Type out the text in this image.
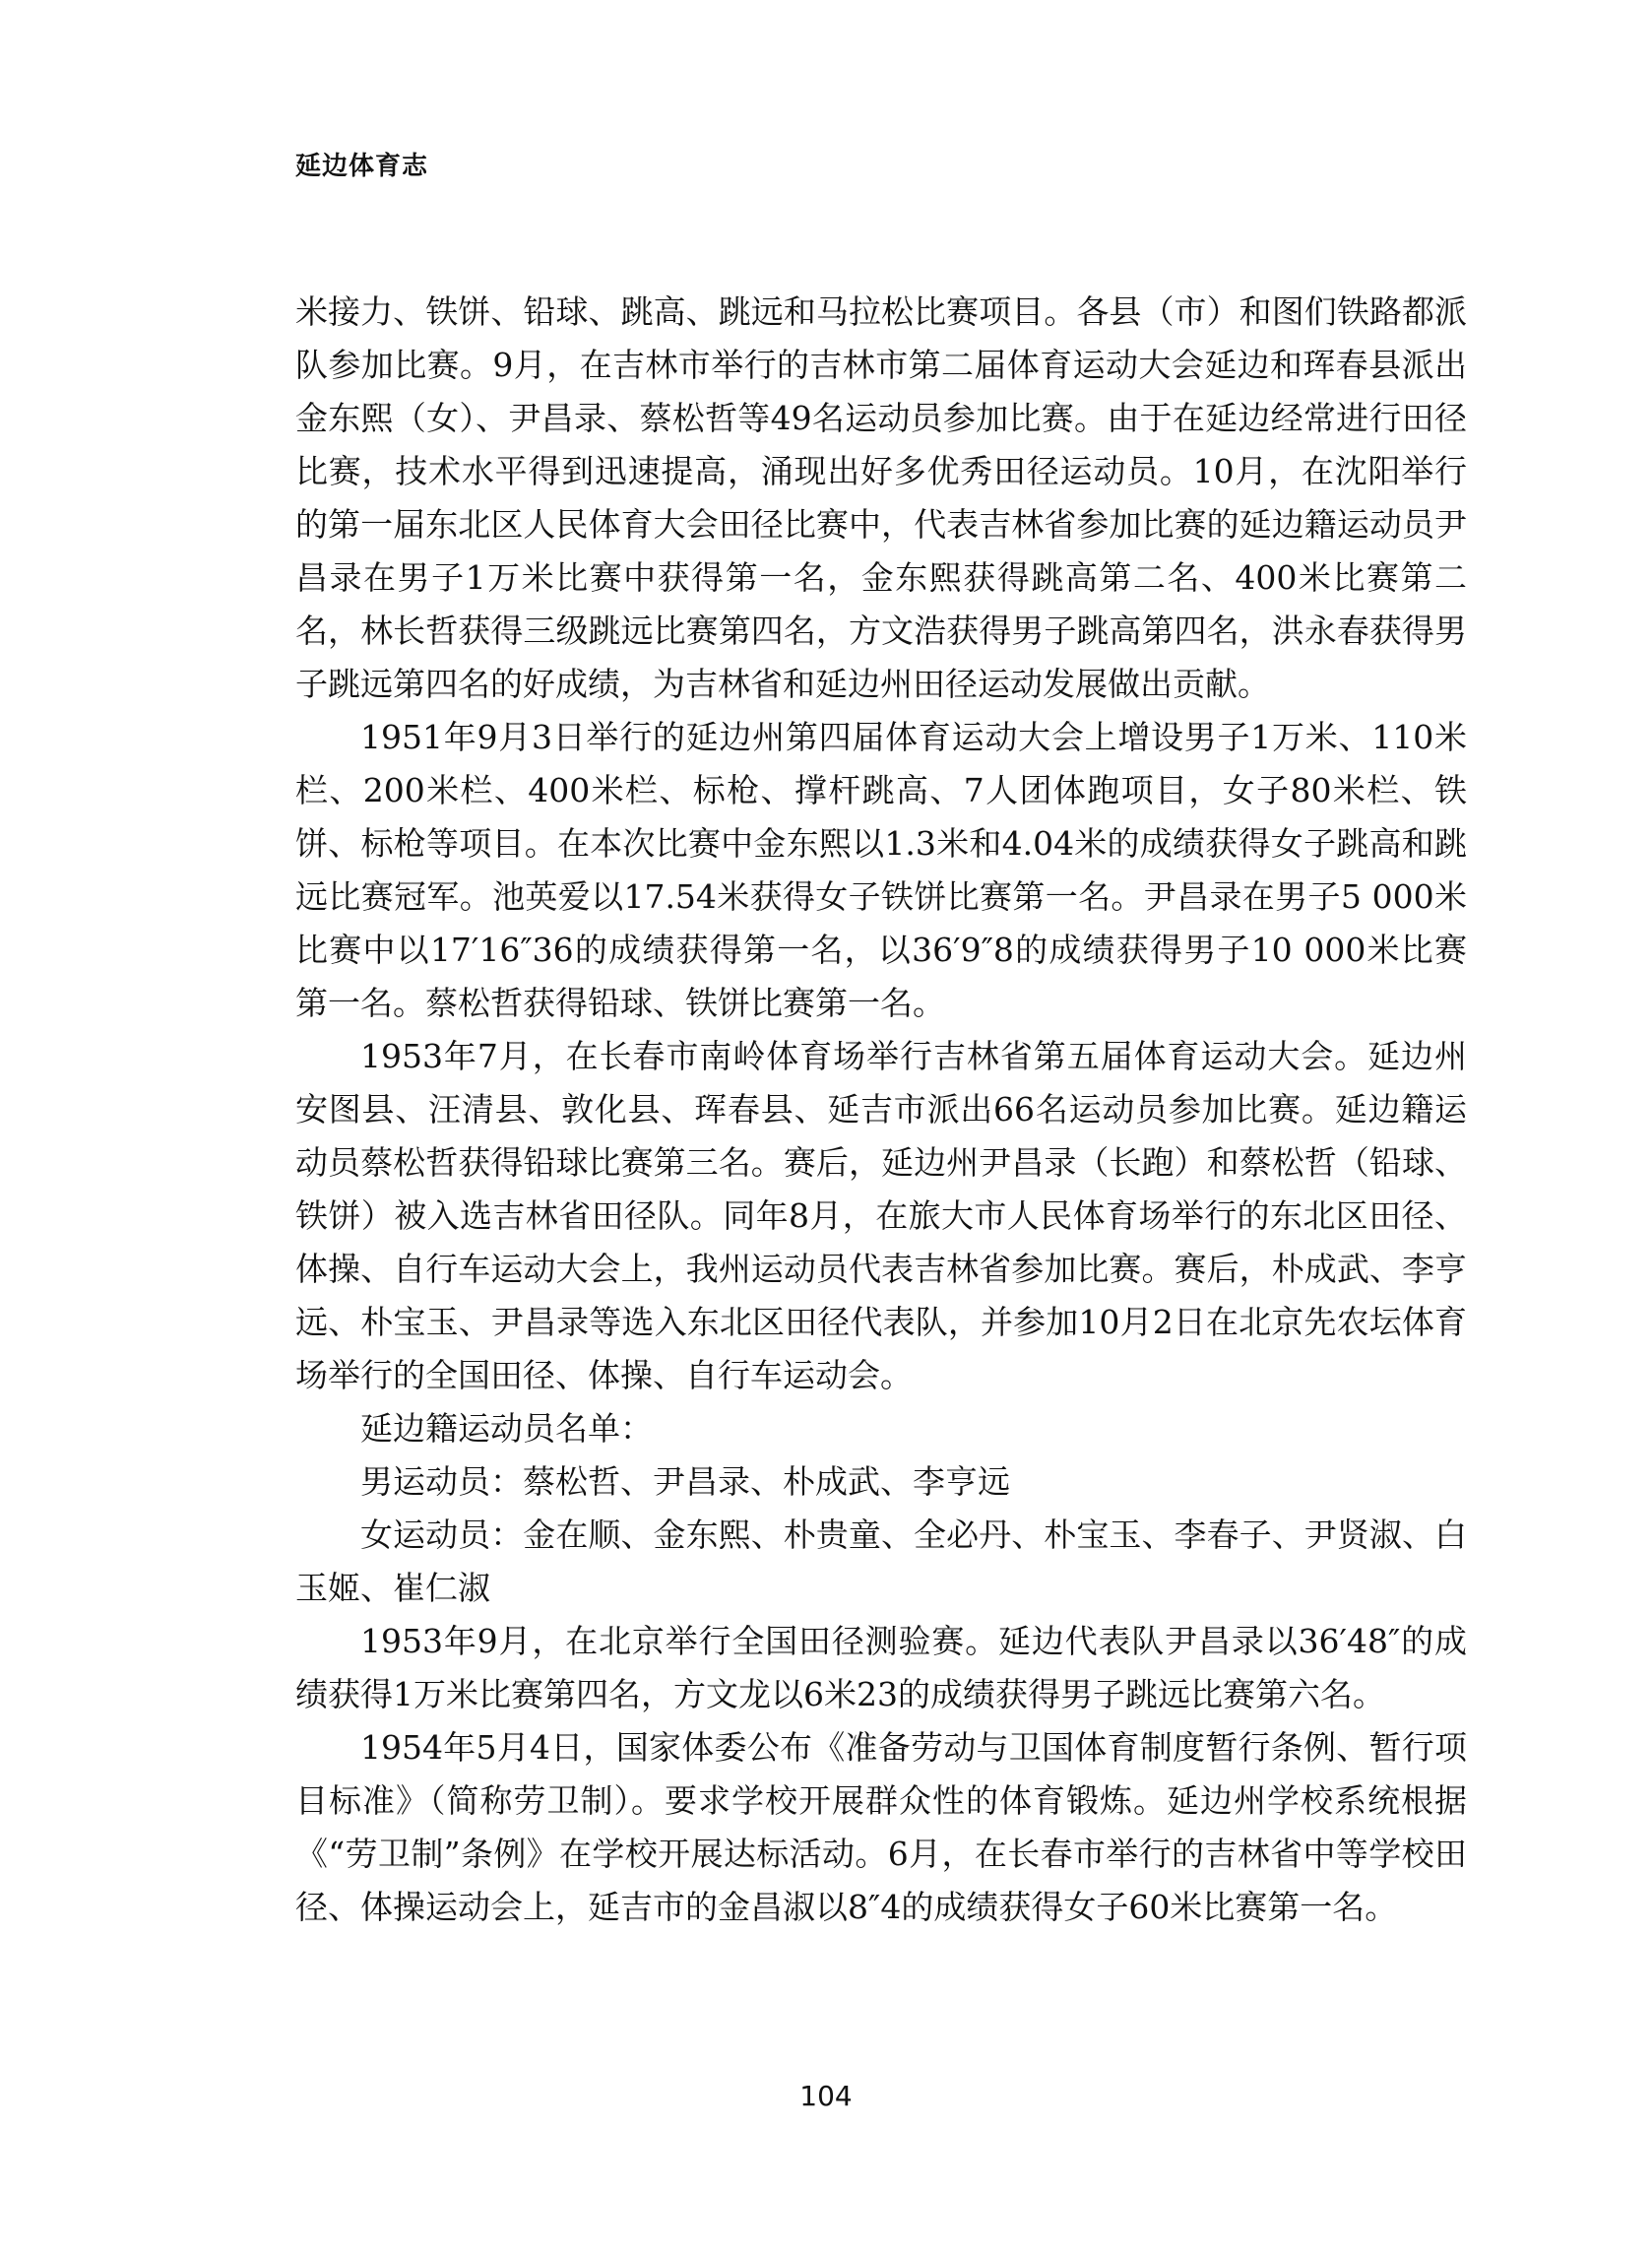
延边体育志

米接力、铁饼、铅球、跳高、跳远和马拉松比赛项目。各县（市）和图们铁路都派队参加比赛。9月，在吉林市举行的吉林市第二届体育运动大会延边和珲春县派出金东熙（女）、尹昌录、蔡松哲等49名运动员参加比赛。由于在延边经常进行田径比赛，技术水平得到迅速提高，涌现出好多优秀田径运动员。10月，在沈阳举行的第一届东北区人民体育大会田径比赛中，代表吉林省参加比赛的延边籍运动员尹昌录在男子1万米比赛中获得第一名，金东熙获得跳高第二名、400米比赛第二名，林长哲获得三级跳远比赛第四名，方文浩获得男子跳高第四名，洪永春获得男子跳远第四名的好成绩，为吉林省和延边州田径运动发展做出贡献。

1951年9月3日举行的延边州第四届体育运动大会上增设男子1万米、110米栏、200米栏、400米栏、标枪、撑杆跳高、7人团体跑项目，女子80米栏、铁饼、标枪等项目。在本次比赛中金东熙以1.3米和4.04米的成绩获得女子跳高和跳远比赛冠军。池英爱以17.54米获得女子铁饼比赛第一名。尹昌录在男子5 000米比赛中以17′16″36的成绩获得第一名，以36′9″8的成绩获得男子10 000米比赛第一名。蔡松哲获得铅球、铁饼比赛第一名。

1953年7月，在长春市南岭体育场举行吉林省第五届体育运动大会。延边州安图县、汪清县、敦化县、珲春县、延吉市派出66名运动员参加比赛。延边籍运动员蔡松哲获得铅球比赛第三名。赛后，延边州尹昌录（长跑）和蔡松哲（铅球、铁饼）被入选吉林省田径队。同年8月，在旅大市人民体育场举行的东北区田径、体操、自行车运动大会上，我州运动员代表吉林省参加比赛。赛后，朴成武、李亨远、朴宝玉、尹昌录等选入东北区田径代表队，并参加10月2日在北京先农坛体育场举行的全国田径、体操、自行车运动会。

延边籍运动员名单：

男运动员：蔡松哲、尹昌录、朴成武、李亨远

女运动员：金在顺、金东熙、朴贵童、全必丹、朴宝玉、李春子、尹贤淑、白玉姬、崔仁淑

1953年9月，在北京举行全国田径测验赛。延边代表队尹昌录以36′48″的成绩获得1万米比赛第四名，方文龙以6米23的成绩获得男子跳远比赛第六名。

1954年5月4日，国家体委公布《准备劳动与卫国体育制度暂行条例、暂行项目标准》（简称劳卫制）。要求学校开展群众性的体育锻炼。延边州学校系统根据《“劳卫制”条例》在学校开展达标活动。6月，在长春市举行的吉林省中等学校田径、体操运动会上，延吉市的金昌淑以8″4的成绩获得女子60米比赛第一名。

104
